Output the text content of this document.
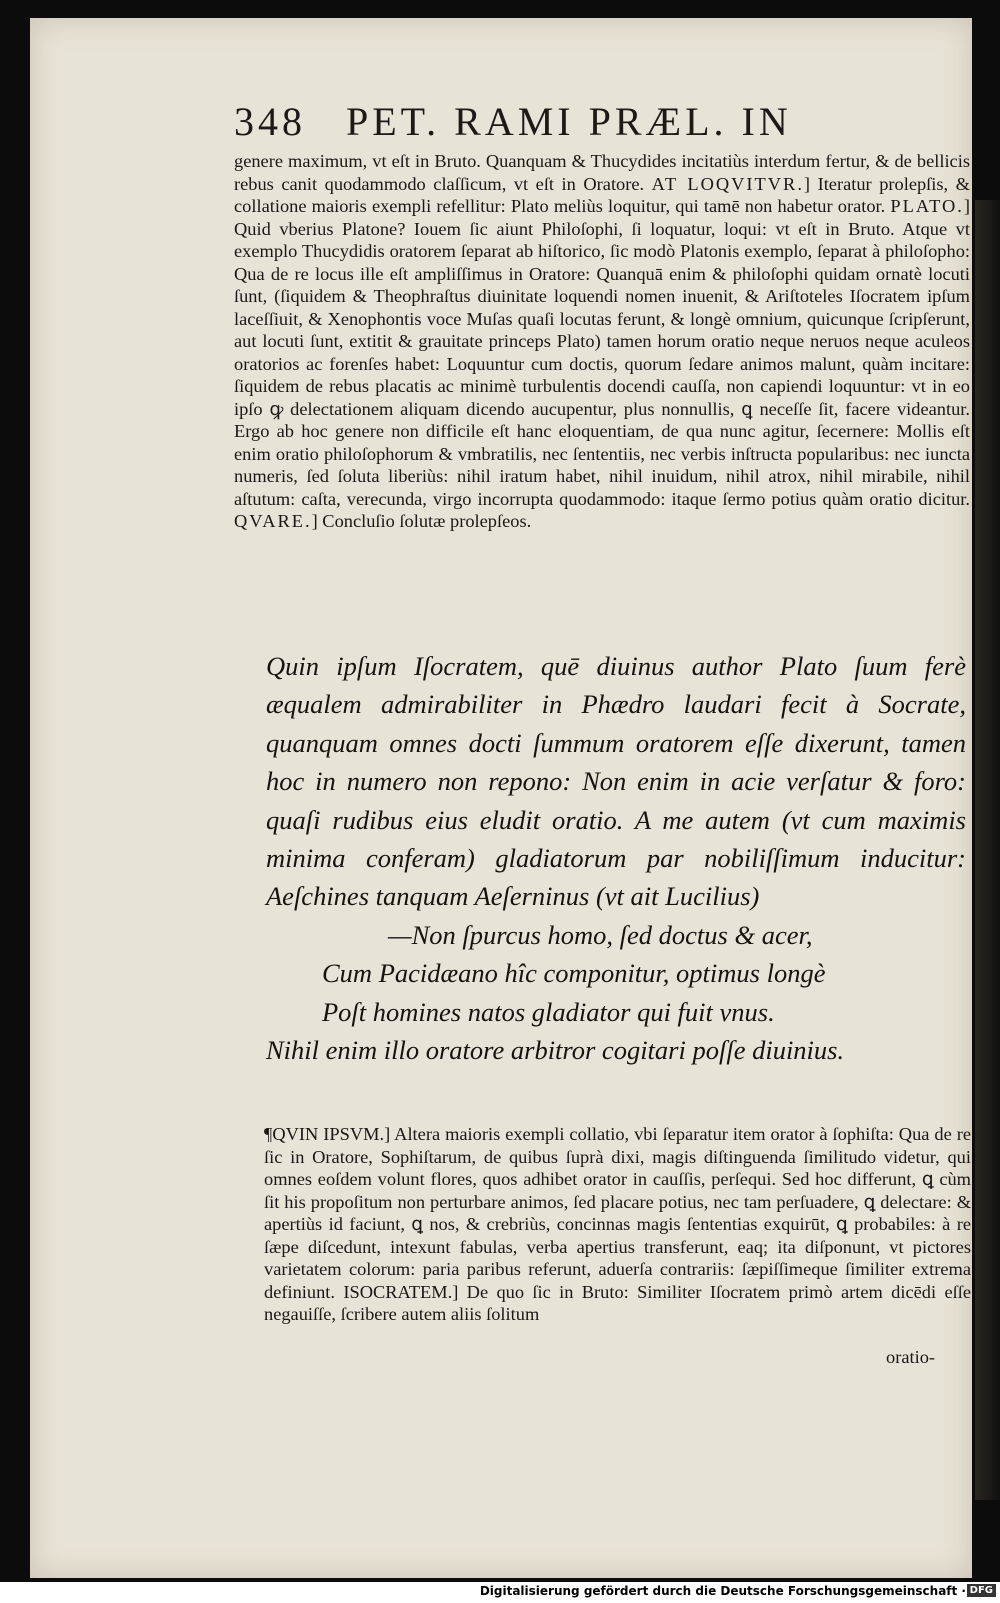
348 PET. RAMI PRÆL. IN

genere maximum, vt eſt in Bruto. Quanquam & Thucydides incitatiùs interdum fertur, & de bellicis rebus canit quodammodo claſſicum, vt eſt in Oratore. AT LOQVITVR.] Iteratur prolepſis, & collatione maioris exempli refellitur: Plato meliùs loquitur, qui tamē non habetur orator. PLATO.] Quid vberius Platone? Iouem ſic aiunt Philoſophi, ſi loquatur, loqui: vt eſt in Bruto. Atque vt exemplo Thucydidis oratorem ſeparat ab hiſtorico, ſic modò Platonis exemplo, ſeparat à philoſopho: Qua de re locus ille eſt ampliſſimus in Oratore: Quanquā enim & philoſophi quidam ornatè locuti ſunt, (ſiquidem & Theophraſtus diuinitate loquendi nomen inuenit, & Ariſtoteles Iſocratem ipſum laceſſiuit, & Xenophontis voce Muſas quaſi locutas ferunt, & longè omnium, quicunque ſcripſerunt, aut locuti ſunt, extitit & grauitate princeps Plato) tamen horum oratio neque neruos neque aculeos oratorios ac forenſes habet: Loquuntur cum doctis, quorum ſedare animos malunt, quàm incitare: ſiquidem de rebus placatis ac minimè turbulentis docendi cauſſa, non capiendi loquuntur: vt in eo ipſo ꝙ delectationem aliquam dicendo aucupentur, plus nonnullis, ꝗ neceſſe ſit, facere videantur. Ergo ab hoc genere non difficile eſt hanc eloquentiam, de qua nunc agitur, ſecernere: Mollis eſt enim oratio philoſophorum & vmbratilis, nec ſententiis, nec verbis inſtructa popularibus: nec iuncta numeris, ſed ſoluta liberiùs: nihil iratum habet, nihil inuidum, nihil atrox, nihil mirabile, nihil aſtutum: caſta, verecunda, virgo incorrupta quodammodo: itaque ſermo potius quàm oratio dicitur. QVARE.] Concluſio ſolutæ prolepſeos.

Quin ipſum Iſocratem, quē diuinus author Plato ſuum ferè æqualem admirabiliter in Phædro laudari fecit à Socrate, quanquam omnes docti ſummum oratorem eſſe dixerunt, tamen hoc in numero non repono: Non enim in acie verſatur & foro: quaſi rudibus eius eludit oratio. A me autem (vt cum maximis minima conferam) gladiatorum par nobiliſſimum inducitur: Aeſchines tanquam Aeſerninus (vt ait Lucilius)

—Non ſpurcus homo, ſed doctus & acer,

Cum Pacidæano hîc componitur, optimus longè

Poſt homines natos gladiator qui fuit vnus.

Nihil enim illo oratore arbitror cogitari poſſe diuinius.

¶QVIN IPSVM.] Altera maioris exempli collatio, vbi ſeparatur item orator à ſophiſta: Qua de re ſic in Oratore, Sophiſtarum, de quibus ſuprà dixi, magis diſtinguenda ſimilitudo videtur, qui omnes eoſdem volunt flores, quos adhibet orator in cauſſis, perſequi. Sed hoc differunt, ꝗ cùm ſit his propoſitum non perturbare animos, ſed placare potius, nec tam perſuadere, ꝗ delectare: & apertiùs id faciunt, ꝗ nos, & crebriùs, concinnas magis ſententias exquirūt, ꝗ probabiles: à re ſæpe diſcedunt, intexunt fabulas, verba apertius transferunt, eaq; ita diſponunt, vt pictores varietatem colorum: paria paribus referunt, aduerſa contrariis: ſæpiſſimeque ſimiliter extrema definiunt. ISOCRATEM.] De quo ſic in Bruto: Similiter Iſocratem primò artem dicēdi eſſe negauiſſe, ſcribere autem aliis ſolitum

oratio-
Digitalisierung gefördert durch die Deutsche Forschungsgemeinschaft · DFG
